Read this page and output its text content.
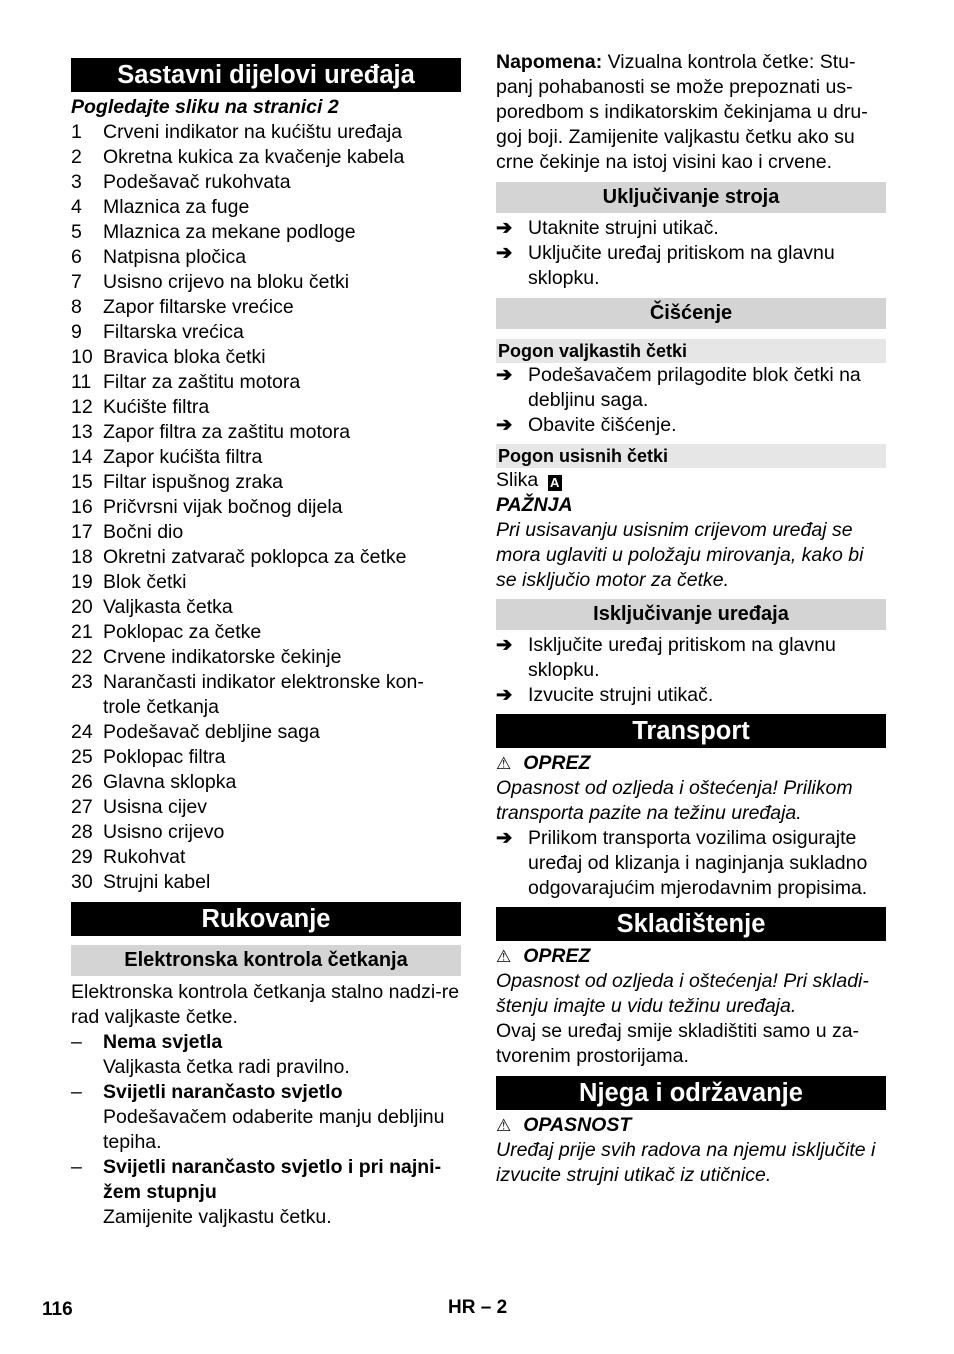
Sastavni dijelovi uređaja
Pogledajte sliku na stranici 2
1	Crveni indikator na kućištu uređaja
2	Okretna kukica za kvačenje kabela
3	Podešavač rukohvata
4	Mlaznica za fuge
5	Mlaznica za mekane podloge
6	Natpisna pločica
7	Usisno crijevo na bloku četki
8	Zapor filtarske vrećice
9	Filtarska vrećica
10 Bravica bloka četki
11 Filtar za zaštitu motora
12 Kućište filtra
13 Zapor filtra za zaštitu motora
14 Zapor kućišta filtra
15 Filtar ispušnog zraka
16 Pričvrsni vijak bočnog dijela
17 Bočni dio
18 Okretni zatvarač poklopca za četke
19 Blok četki
20 Valjkasta četka
21 Poklopac za četke
22 Crvene indikatorske čekinje
23 Narančasti indikator elektronske kon-trole četkanja
24 Podešavač debljine saga
25 Poklopac filtra
26 Glavna sklopka
27 Usisna cijev
28 Usisno crijevo
29 Rukohvat
30 Strujni kabel
Rukovanje
Elektronska kontrola četkanja
Elektronska kontrola četkanja stalno nadzi-re rad valjkaste četke.
–	Nema svjetla
Valjkasta četka radi pravilno.
–	Svijetli narančasto svjetlo
Podešavačem odaberite manju debljinu tepiha.
–	Svijetli narančasto svjetlo i pri najni-žem stupnju
Zamijenite valjkastu četku.
Napomena: Vizualna kontrola četke: Stu-panj pohabanosti se može prepoznati us-poredbom s indikatorskim čekinjama u dru-goj boji. Zamijenite valjkastu četku ako su crne čekinje na istoj visini kao i crvene.
Uključivanje stroja
➔ Utaknite strujni utikač.
➔ Uključite uređaj pritiskom na glavnu sklopku.
Čišćenje
Pogon valjkastih četki
➔ Podešavačem prilagodite blok četki na debljinu saga.
➔ Obavite čišćenje.
Pogon usisnih četki
Slika A
PAŽNJA
Pri usisavanju usisnim crijevom uređaj se mora uglaviti u položaju mirovanja, kako bi se isključio motor za četke.
Isključivanje uređaja
➔ Isključite uređaj pritiskom na glavnu sklopku.
➔ Izvucite strujni utikač.
Transport
⚠ OPREZ
Opasnost od ozljeda i oštećenja! Prilikom transporta pazite na težinu uređaja.
➔ Prilikom transporta vozilima osigurajte uređaj od klizanja i naginjanja sukladno odgovarajućim mjerodavnim propisima.
Skladištenje
⚠ OPREZ
Opasnost od ozljeda i oštećenja! Pri skladi-štenju imajte u vidu težinu uređaja.
Ovaj se uređaj smije skladištiti samo u za-tvorenim prostorijama.
Njega i održavanje
⚠ OPASNOST
Uređaj prije svih radova na njemu isključite i izvucite strujni utikač iz utičnice.
116	HR – 2
